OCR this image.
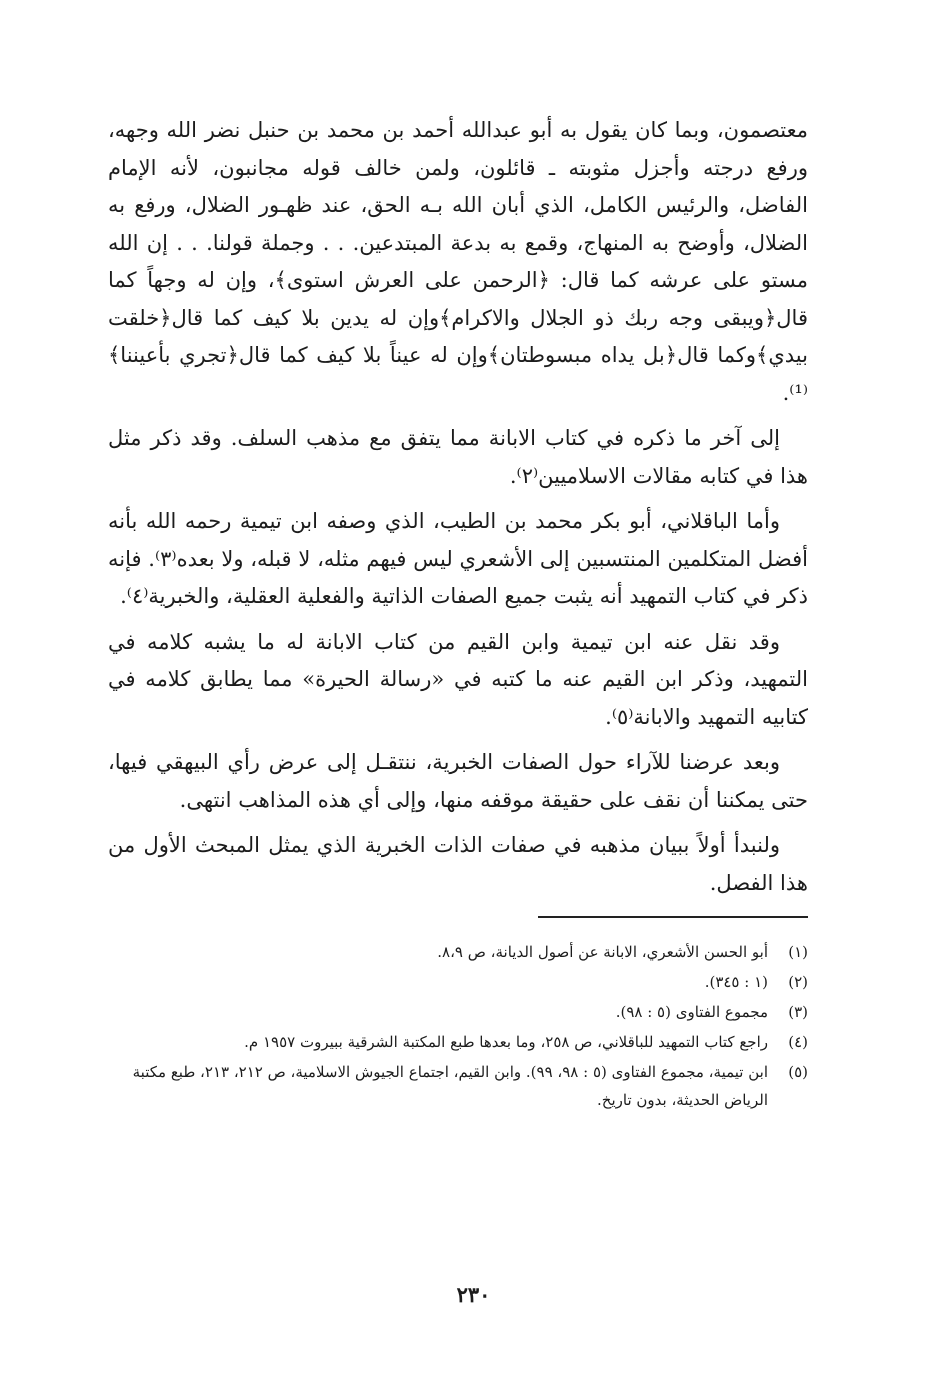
معتصمون، وبما كان يقول به أبو عبدالله أحمد بن محمد بن حنبل نضر الله وجهه، ورفع درجته وأجزل مثوبته ـ قائلون، ولمن خالف قوله مجانبون، لأنه الإمام الفاضل، والرئيس الكامل، الذي أبان الله بـه الحق، عند ظهـور الضلال، ورفع به الضلال، وأوضح به المنهاج، وقمع به بدعة المبتدعين. . . وجملة قولنا. . . إن الله مستو على عرشه كما قال: ﴿الرحمن على العرش استوى﴾، وإن له وجهاً كما قال﴿ويبقى وجه ربك ذو الجلال والاكرام﴾وإن له يدين بلا كيف كما قال﴿خلقت بيدي﴾وكما قال﴿بل يداه مبسوطتان﴾وإن له عيناً بلا كيف كما قال﴿تجري بأعيننا﴾⁽¹⁾.

إلى آخر ما ذكره في كتاب الابانة مما يتفق مع مذهب السلف. وقد ذكر مثل هذا في كتابه مقالات الاسلاميين⁽٢⁾.

وأما الباقلاني، أبو بكر محمد بن الطيب، الذي وصفه ابن تيمية رحمه الله بأنه أفضل المتكلمين المنتسبين إلى الأشعري ليس فيهم مثله، لا قبله، ولا بعده⁽٣⁾. فإنه ذكر في كتاب التمهيد أنه يثبت جميع الصفات الذاتية والفعلية العقلية، والخبرية⁽٤⁾.

وقد نقل عنه ابن تيمية وابن القيم من كتاب الابانة له ما يشبه كلامه في التمهيد، وذكر ابن القيم عنه ما كتبه في «رسالة الحيرة» مما يطابق كلامه في كتابيه التمهيد والابانة⁽٥⁾.

وبعد عرضنا للآراء حول الصفات الخبرية، ننتقـل إلى عرض رأي البيهقي فيها، حتى يمكننا أن نقف على حقيقة موقفه منها، وإلى أي هذه المذاهب انتهى.

ولنبدأ أولاً ببيان مذهبه في صفات الذات الخبرية الذي يمثل المبحث الأول من هذا الفصل.

(١)
أبو الحسن الأشعري، الابانة عن أصول الديانة، ص ٨،٩.
(٢)
(١ : ٣٤٥).
(٣)
مجموع الفتاوى (٥ : ٩٨).
(٤)
راجع كتاب التمهيد للباقلاني، ص ٢٥٨، وما بعدها طبع المكتبة الشرقية ببيروت ١٩٥٧ م.
(٥)
ابن تيمية، مجموع الفتاوى (٥ : ٩٨، ٩٩). وابن القيم، اجتماع الجيوش الاسلامية، ص ٢١٢، ٢١٣، طبع مكتبة الرياض الحديثة، بدون تاريخ.
٢٣٠
